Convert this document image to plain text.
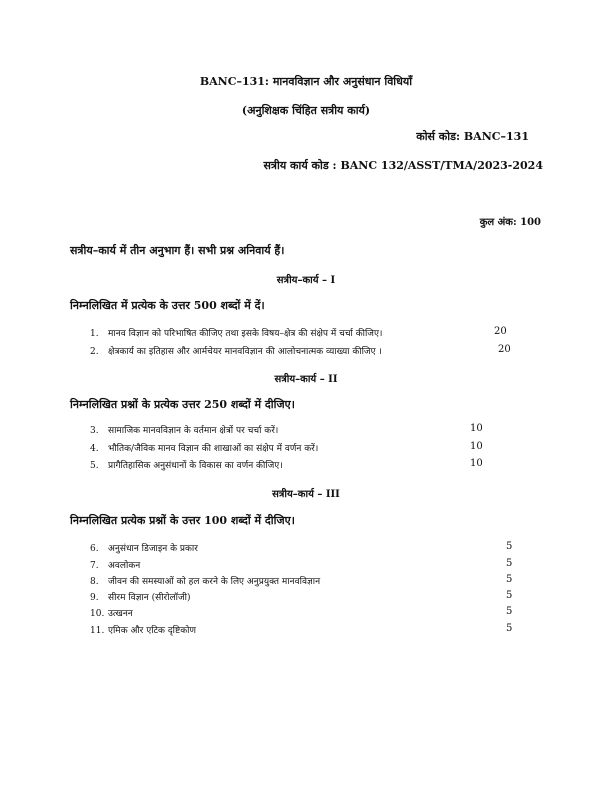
BANC–131: मानवविज्ञान और अनुसंधान विधियाँ
(अनुशिक्षक चिंहित सत्रीय कार्य)
कोर्स कोड: BANC–131
सत्रीय कार्य कोड : BANC 132/ASST/TMA/2023-2024
कुल अंक: 100
सत्रीय–कार्य में तीन अनुभाग हैं। सभी प्रश्न अनिवार्य हैं।
सत्रीय–कार्य – I
निम्नलिखित में प्रत्येक के उत्तर 500 शब्दों में दें।
1. मानव विज्ञान को परिभाषित कीजिए तथा इसके विषय–क्षेत्र की संक्षेप में चर्चा कीजिए।	20
2. क्षेत्रकार्य का इतिहास और आर्मचेयर मानवविज्ञान की आलोचनात्मक व्याख्या कीजिए ।	20
सत्रीय–कार्य – II
निम्नलिखित प्रश्नों के प्रत्येक उत्तर 250 शब्दों में दीजिए।
3. सामाजिक मानवविज्ञान के वर्तमान क्षेत्रों पर चर्चा करें।	10
4. भौतिक/जैविक मानव विज्ञान की शाखाओं का संक्षेप में वर्णन करें।	10
5. प्रागैतिहासिक अनुसंधानों के विकास का वर्णन कीजिए।	10
सत्रीय–कार्य – III
निम्नलिखित प्रत्येक प्रश्नों के उत्तर 100 शब्दों में दीजिए।
6. अनुसंधान डिजाइन के प्रकार	5
7. अवलोकन	5
8. जीवन की समस्याओं को हल करने के लिए अनुप्रयुक्त मानवविज्ञान	5
9. सीरम विज्ञान (सीरोलॉजी)	5
10. उत्खनन	5
11. एमिक और एटिक दृष्टिकोण	5
